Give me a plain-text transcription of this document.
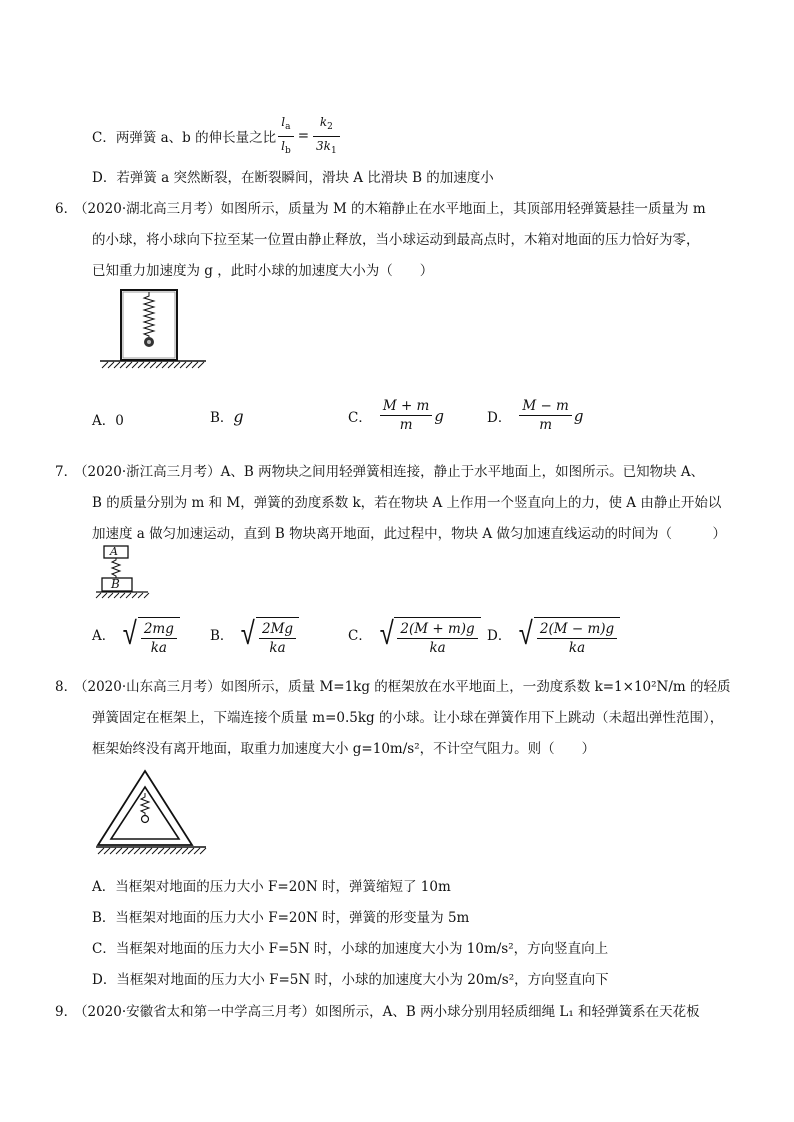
C．两弹簧 a、b 的伸长量之比 $\frac{l_a}{l_b} = \frac{k_2}{3k_1}$
D．若弹簧 a 突然断裂，在断裂瞬间，滑块 A 比滑块 B 的加速度小
6．
（2020·湖北高三月考）如图所示，质量为 M 的木箱静止在水平地面上，其顶部用轻弹簧悬挂一质量为 m
的小球，将小球向下拉至某一位置由静止释放，当小球运动到最高点时，木箱对地面的压力恰好为零，
已知重力加速度为 g ，此时小球的加速度大小为（　　）
A．0	B．g	C． $\frac{M + m}{m}$ g	D． $\frac{M - m}{m}$ g
7．
（2020·浙江高三月考）A、B 两物块之间用轻弹簧相连接，静止于水平地面上，如图所示。已知物块 A、
B 的质量分别为 m 和 M，弹簧的劲度系数 k，若在物块 A 上作用一个竖直向上的力，使 A 由静止开始以
加速度 a 做匀加速运动，直到 B 物块离开地面，此过程中，物块 A 做匀加速直线运动的时间为（　　　）
A
B
A． √ $\frac{2mg}{ka}$ B． √ $\frac{2Mg}{ka}$	C． √ $\frac{2(M + m)g}{ka}$ D． √ $\frac{2(M - m)g}{ka}$
8．
（2020·山东高三月考）如图所示，质量 M=1kg 的框架放在水平地面上，一劲度系数 k=1×10²N/m 的轻质
弹簧固定在框架上，下端连接个质量 m=0.5kg 的小球。让小球在弹簧作用下上跳动（未超出弹性范围），
框架始终没有离开地面，取重力加速度大小 g=10m/s²，不计空气阻力。则（　　）
A．当框架对地面的压力大小 F=20N 时，弹簧缩短了 10m
B．当框架对地面的压力大小 F=20N 时，弹簧的形变量为 5m
C．当框架对地面的压力大小 F=5N 时，小球的加速度大小为 10m/s²，方向竖直向上
D．当框架对地面的压力大小 F=5N 时，小球的加速度大小为 20m/s²，方向竖直向下
9．
（2020·安徽省太和第一中学高三月考）如图所示，A、B 两小球分别用轻质细绳 L₁ 和轻弹簧系在天花板
